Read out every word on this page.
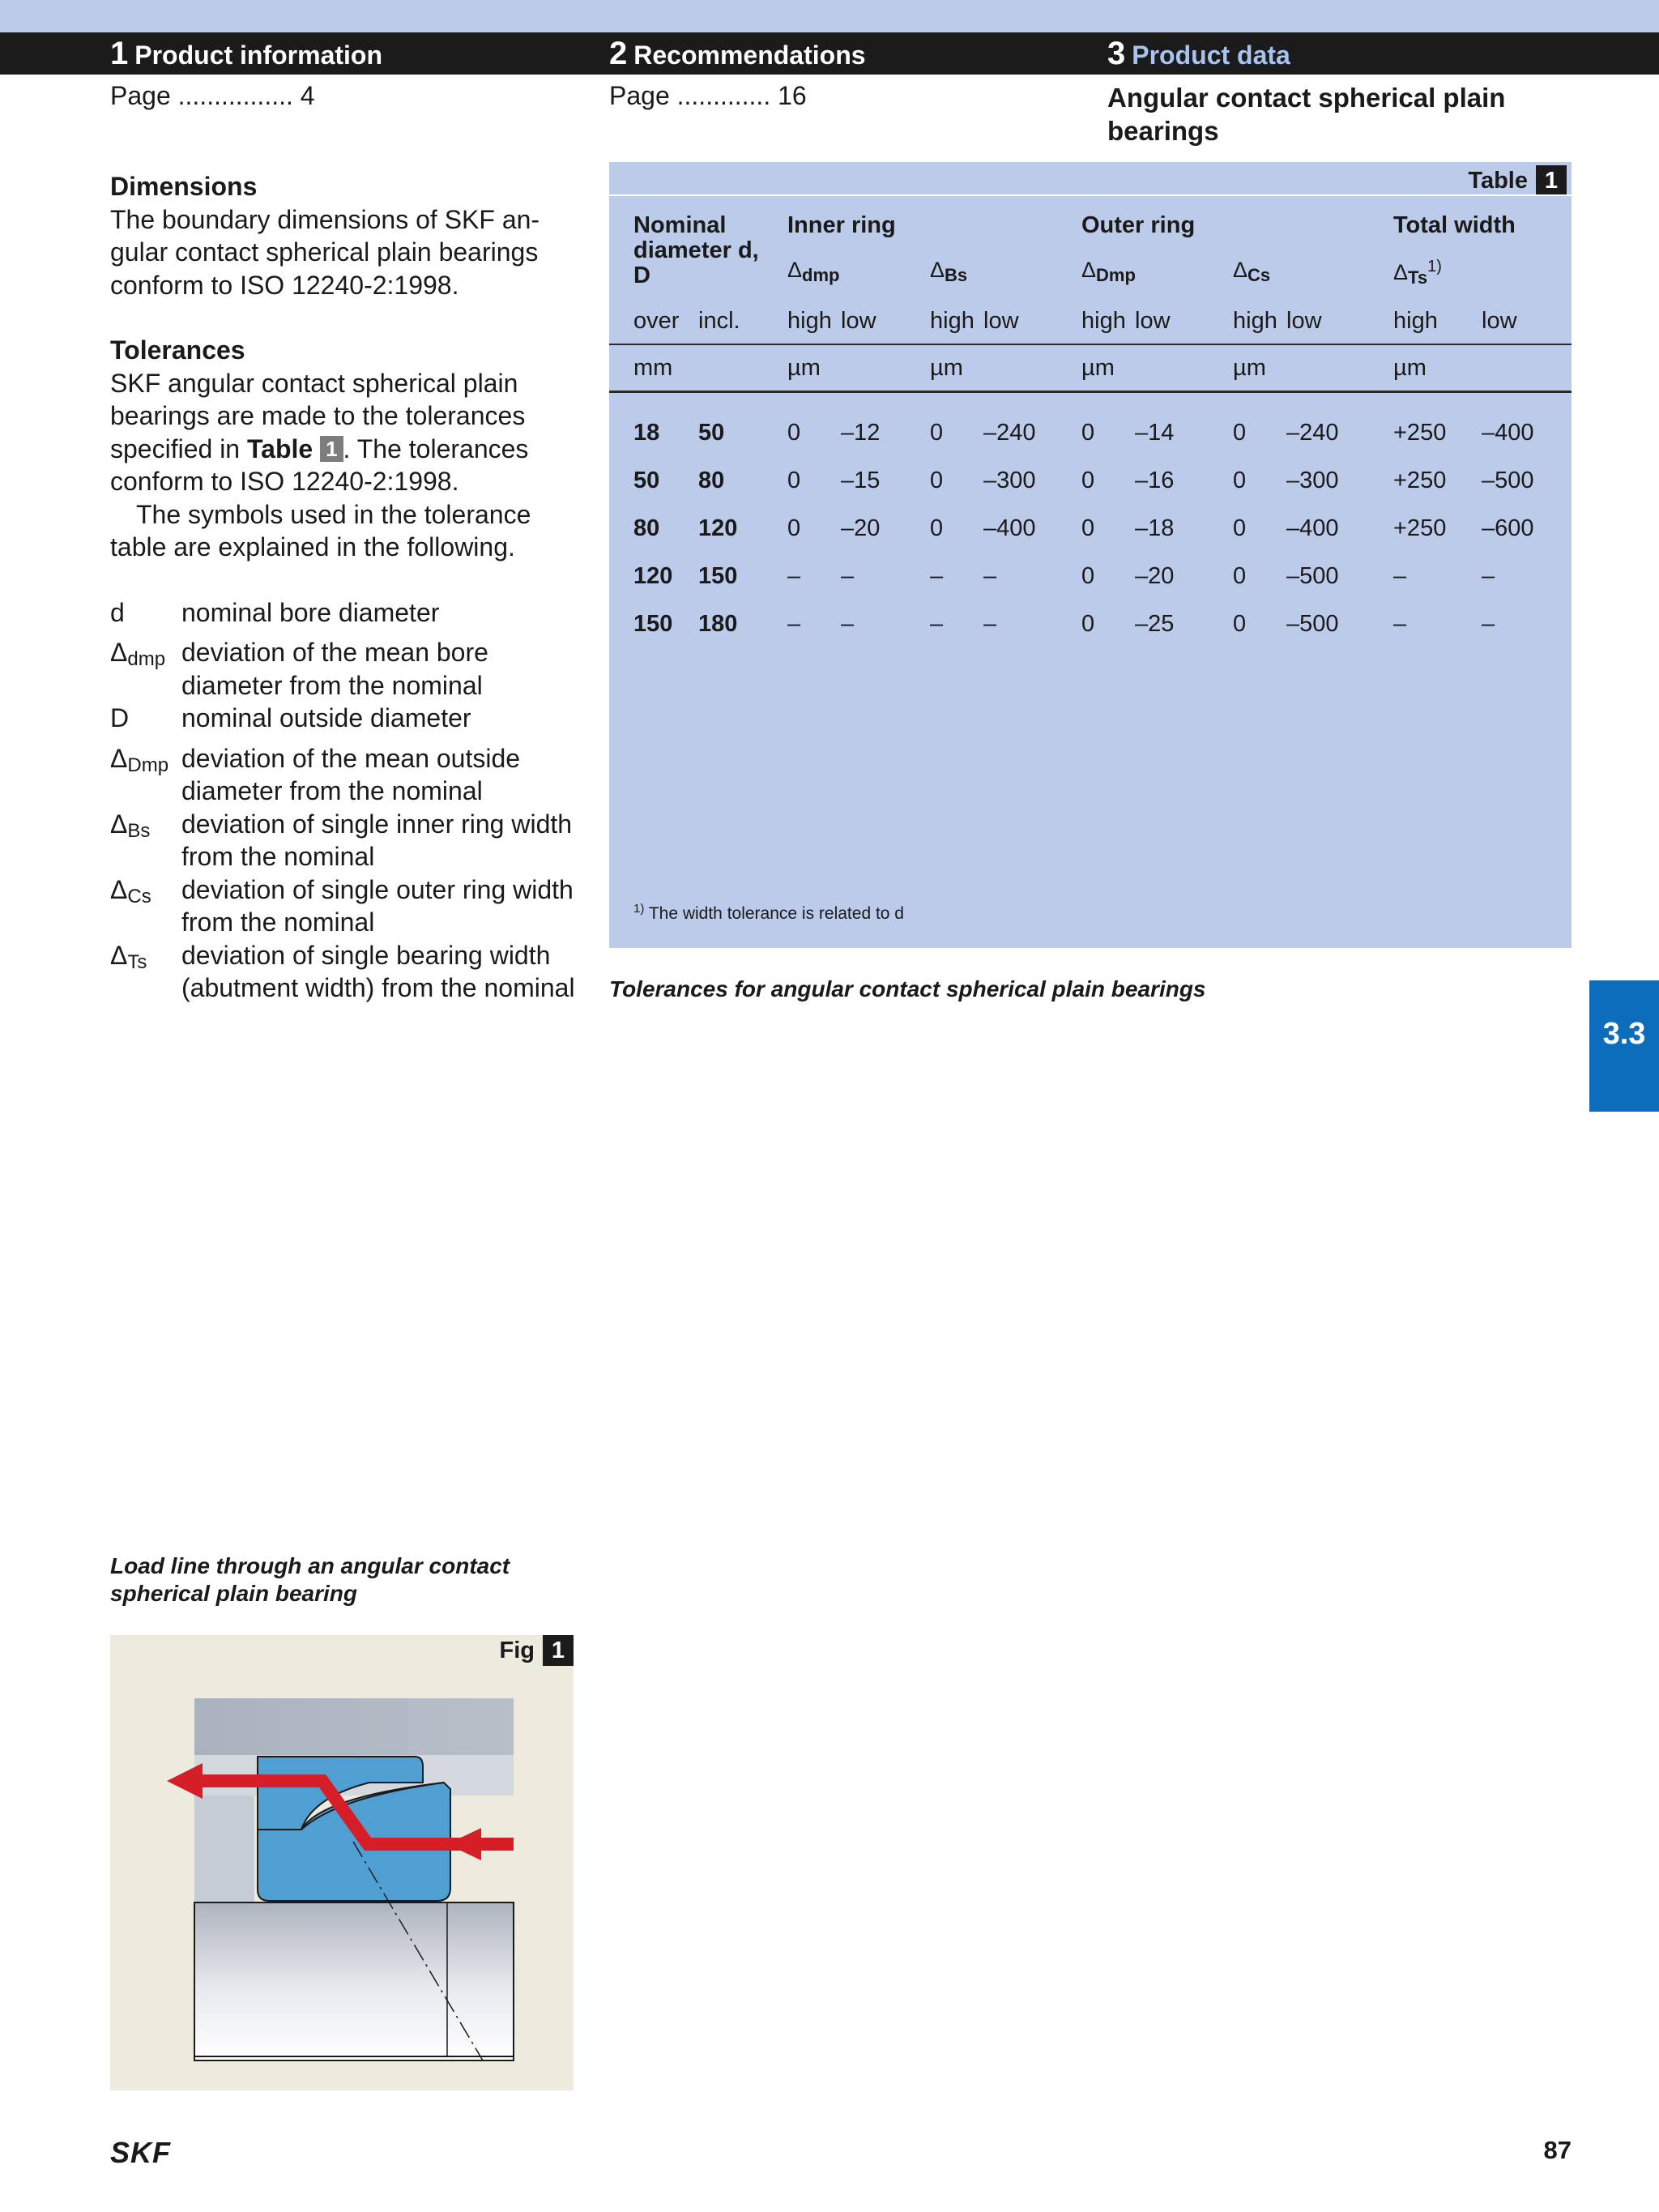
1 Product information	2 Recommendations	3 Product data
Page ................ 4	Page ............. 16	Angular contact spherical plain bearings
Dimensions

The boundary dimensions of SKF an-gular contact spherical plain bearings conform to ISO 12240-2:1998.

Tolerances

SKF angular contact spherical plain bearings are made to the tolerances specified in Table 1 . The tolerances conform to ISO 12240-2:1998.

The symbols used in the tolerance table are explained in the following.

d	nominal bore diameter
$\Delta_{dmp}$ deviation of the mean bore diameter from the nominal
D	nominal outside diameter
$\Delta_{Dmp}$ deviation of the mean outside diameter from the nominal
$\Delta_{Bs}$	deviation of single inner ring width from the nominal
$\Delta_{Cs}$	deviation of single outer ring width from the nominal
$\Delta_{Ts}$	deviation of single bearing width (abutment width) from the nominal
Table 1
Nominal diameter d, D
Inner ring	Outer ring	Total width
$\Delta_{dmp}$	$\Delta_{Bs}$	$\Delta_{Dmp}$	$\Delta_{Cs}$	$\Delta_{Ts}^{1)}$
over incl. high low high low	high low	high low	high low
mm	µm	µm	µm	µm	µm
18 50	0 –12 0 –240 0 –14	0 –240 +250 –400
50 80	0 –15 0 –300 0 –16	0 –300 +250 –500
80 120 0 –20 0 –400 0 –18	0 –400 +250 –600
120 150 – –	– –	0 –20	0 –500 –	–
150 180 – –	– –	0 –25	0 –500 –	–
$^{1)}$ The width tolerance is related to d
Tolerances for angular contact spherical plain bearings
3.3
Load line through an angular contact spherical plain bearing
Fig 1
SKF	87
